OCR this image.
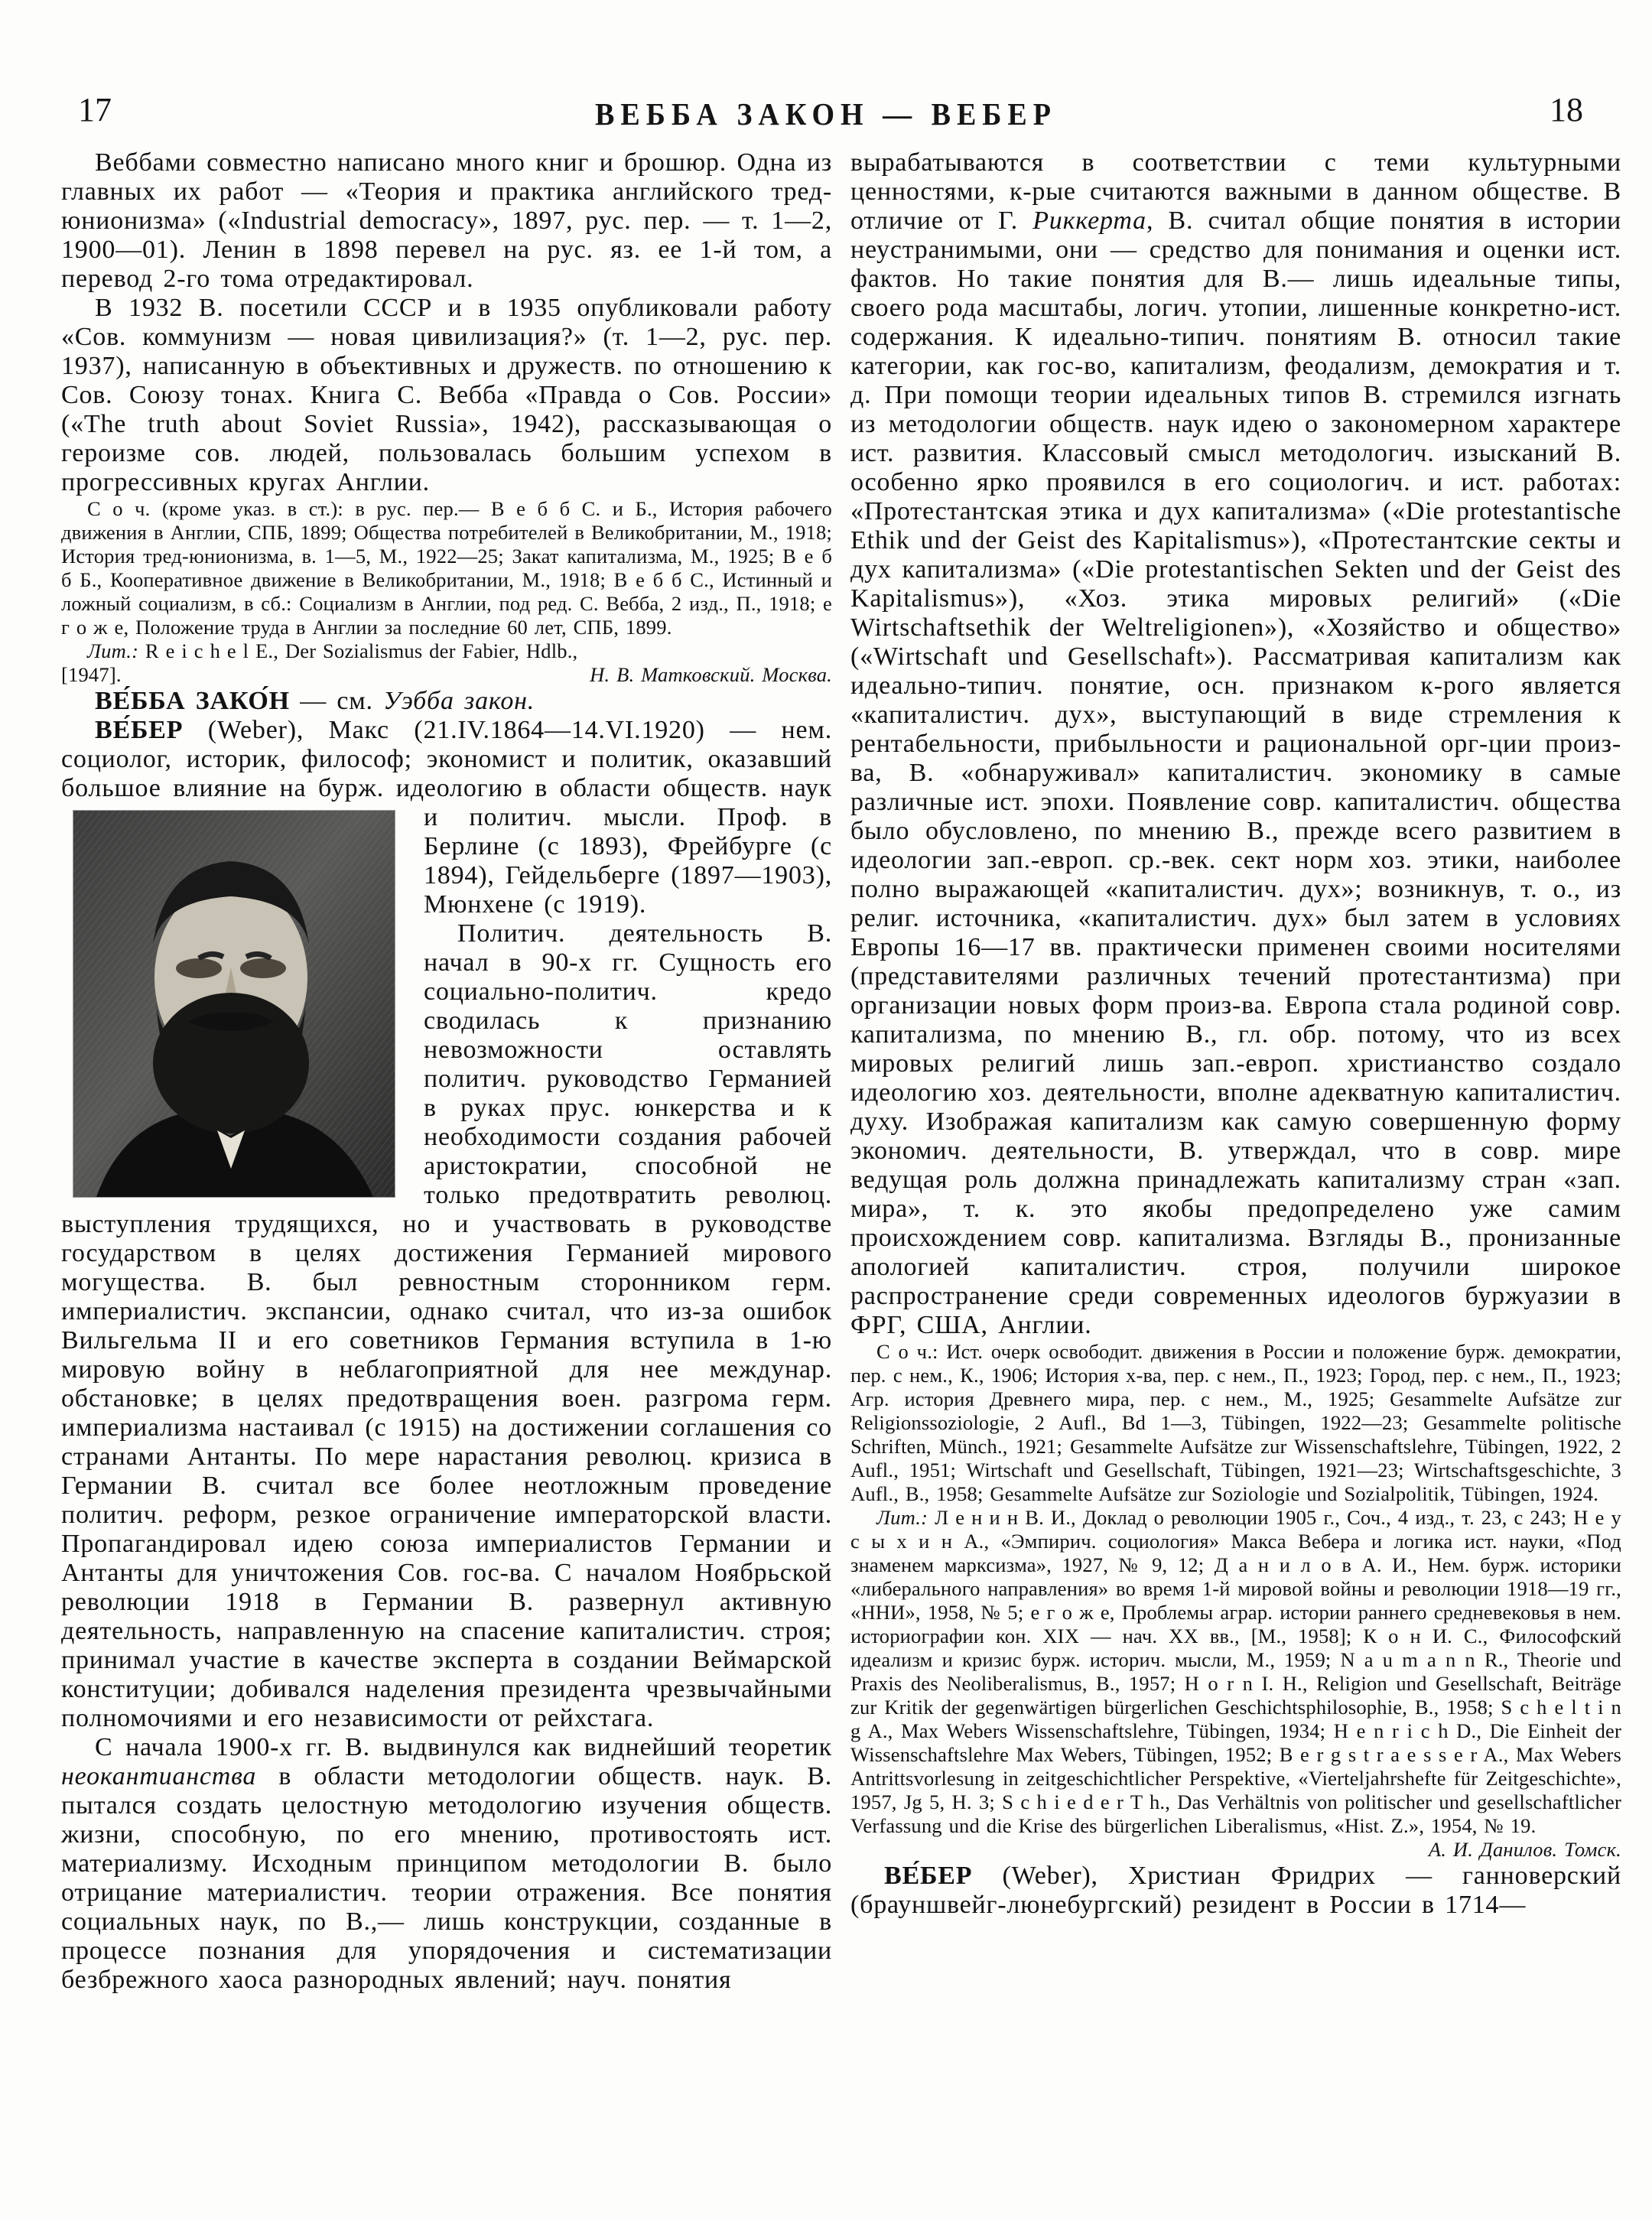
17	ВЕББА ЗАКОН — ВЕБЕР	18

Веббами совместно написано много книг и брошюр. Одна из главных их работ — «Теория и практика английского тред-юнионизма» («Industrial democracy», 1897, рус. пер. — т. 1—2, 1900—01). Ленин в 1898 перевел на рус. яз. ее 1-й том, а перевод 2-го тома отредактировал.

В 1932 В. посетили СССР и в 1935 опубликовали работу «Сов. коммунизм — новая цивилизация?» (т. 1—2, рус. пер. 1937), написанную в объективных и дружеств. по отношению к Сов. Союзу тонах. Книга С. Вебба «Правда о Сов. России» («The truth about Soviet Russia», 1942), рассказывающая о героизме сов. людей, пользовалась большим успехом в прогрессивных кругах Англии.

С о ч. (кроме указ. в ст.): в рус. пер.— В е б б С. и Б., История рабочего движения в Англии, СПБ, 1899; Общества потребителей в Великобритании, М., 1918; История тред-юнионизма, в. 1—5, М., 1922—25; Закат капитализма, М., 1925; В е б б Б., Кооперативное движение в Великобритании, М., 1918; В е б б С., Истинный и ложный социализм, в сб.: Социализм в Англии, под ред. С. Вебба, 2 изд., П., 1918; е г о ж е, Положение труда в Англии за последние 60 лет, СПБ, 1899.

Лит.: R e i c h e l E., Der Sozialismus der Fabier, Hdlb.,

[1947].	Н. В. Матковский. Москва.

ВЕ́ББА ЗАКО́Н — см. Уэбба закон.

ВЕ́БЕР (Weber), Макс (21.IV.1864—14.VI.1920) — нем. социолог, историк, философ; экономист и политик, оказавший большое влияние на бурж. идеологию в области обществ. наук и политич. мысли. Проф.
в Берлине (с 1893), Фрейбурге (с 1894), Гейдельберге (1897—1903), Мюнхене (с 1919).

Политич. деятельность В. начал в 90-х гг. Сущность его социально-политич. кредо сводилась к признанию невозможности оставлять политич. руководство Германией в руках прус. юнкерства и к необходимости создания рабочей аристократии, способной не только предотвратить революц. выступления трудящихся, но и участвовать в руководстве государством в целях достижения Германией мирового могущества. В. был ревностным сторонником герм. империалистич. экспансии, однако считал, что из-за ошибок Вильгельма II и его советников Германия вступила в 1-ю мировую войну в неблагоприятной для нее междунар. обстановке; в целях предотвращения воен. разгрома герм. империализма настаивал (с 1915) на достижении соглашения со странами Антанты. По мере нарастания революц. кризиса в Германии В. считал все более неотложным проведение политич. реформ, резкое ограничение императорской власти. Пропагандировал идею союза империалистов Германии и Антанты для уничтожения Сов. гос-ва. С началом Ноябрьской революции 1918 в Германии В. развернул активную деятельность, направленную на спасение капиталистич. строя; принимал участие в качестве эксперта в создании Веймарской конституции; добивался наделения президента чрезвычайными полномочиями и его независимости от рейхстага.

С начала 1900-х гг. В. выдвинулся как виднейший теоретик неокантианства в области методологии обществ. наук. В. пытался создать целостную методологию изучения обществ. жизни, способную, по его мнению, противостоять ист. материализму. Исходным принципом методологии В. было отрицание материалистич. теории отражения. Все понятия социальных наук, по В.,— лишь конструкции, созданные в процессе познания для упорядочения и систематизации безбрежного хаоса разнородных явлений; науч. понятия

вырабатываются в соответствии с теми культурными ценностями, к-рые считаются важными в данном обществе. В отличие от Г. Риккерта, В. считал общие понятия в истории неустранимыми, они — средство для понимания и оценки ист. фактов. Но такие понятия для В.— лишь идеальные типы, своего рода масштабы, логич. утопии, лишенные конкретно-ист. содержания. К идеально-типич. понятиям В. относил такие категории, как гос-во, капитализм, феодализм, демократия и т. д. При помощи теории идеальных типов В. стремился изгнать из методологии обществ. наук идею о закономерном характере ист. развития. Классовый смысл методологич. изысканий В. особенно ярко проявился в его социологич. и ист. работах: «Протестантская этика и дух капитализма» («Die protestantische Ethik und der Geist des Kapitalismus»), «Протестантские секты и дух капитализма» («Die protestantischen Sekten und der Geist des Kapitalismus»), «Хоз. этика мировых религий» («Die Wirtschaftsethik der Weltreligionen»), «Хозяйство и общество» («Wirtschaft und Gesellschaft»). Рассматривая капитализм как идеально-типич. понятие, осн. признаком к-рого является «капиталистич. дух», выступающий в виде стремления к рентабельности, прибыльности и рациональной орг-ции произ-ва, В. «обнаруживал» капиталистич. экономику в самые различные ист. эпохи. Появление совр. капиталистич. общества было обусловлено, по мнению В., прежде всего развитием в идеологии зап.-европ. ср.-век. сект норм хоз. этики, наиболее полно выражающей «капиталистич. дух»; возникнув, т. о., из религ. источника, «капиталистич. дух» был затем в условиях Европы 16—17 вв. практически применен своими носителями (представителями различных течений протестантизма) при организации новых форм произ-ва. Европа стала родиной совр. капитализма, по мнению В., гл. обр. потому, что из всех мировых религий лишь зап.-европ. христианство создало идеологию хоз. деятельности, вполне адекватную капиталистич. духу. Изображая капитализм как самую совершенную форму экономич. деятельности, В. утверждал, что в совр. мире ведущая роль должна принадлежать капитализму стран «зап. мира», т. к. это якобы предопределено уже самим происхождением совр. капитализма. Взгляды В., пронизанные апологией капиталистич. строя, получили широкое распространение среди современных идеологов буржуазии в ФРГ, США, Англии.

С о ч.: Ист. очерк освободит. движения в России и положение бурж. демократии, пер. с нем., К., 1906; История х-ва, пер. с нем., П., 1923; Город, пер. с нем., П., 1923; Агр. история Древнего мира, пер. с нем., М., 1925; Gesammelte Aufsätze zur Religionssoziologie, 2 Aufl., Bd 1—3, Tübingen, 1922—23; Gesammelte politische Schriften, Münch., 1921; Gesammelte Aufsätze zur Wissenschaftslehre, Tübingen, 1922, 2 Aufl., 1951; Wirtschaft und Gesellschaft, Tübingen, 1921—23; Wirtschaftsgeschichte, 3 Aufl., B., 1958; Gesammelte Aufsätze zur Soziologie und Sozialpolitik, Tübingen, 1924.

Лит.: Л е н и н В. И., Доклад о революции 1905 г., Соч., 4 изд., т. 23, с 243; Н е у с ы х и н А., «Эмпирич. социология» Макса Вебера и логика ист. науки, «Под знаменем марксизма», 1927, № 9, 12; Д а н и л о в А. И., Нем. бурж. историки «либерального направления» во время 1-й мировой войны и революции 1918—19 гг., «ННИ», 1958, № 5; е г о ж е, Проблемы аграр. истории раннего средневековья в нем. историографии кон. XIX — нач. XX вв., [М., 1958]; К о н И. С., Философский идеализм и кризис бурж. историч. мысли, М., 1959; N a u m a n n R., Theorie und Praxis des Neoliberalismus, B., 1957; H o r n I. H., Religion und Gesellschaft, Beiträge zur Kritik der gegenwärtigen bürgerlichen Geschichtsphilosophie, B., 1958; S c h e l t i n g A., Max Webers Wissenschaftslehre, Tübingen, 1934; H e n r i c h D., Die Einheit der Wissenschaftslehre Max Webers, Tübingen, 1952; B e r g s t r a e s s e r A., Max Webers Antrittsvorlesung in zeitgeschichtlicher Perspektive, «Vierteljahrshefte für Zeitgeschichte», 1957, Jg 5, H. 3; S c h i e d e r T h., Das Verhältnis von politischer und gesellschaftlicher Verfassung und die Krise des bürgerlichen Liberalismus, «Hist. Z.», 1954, № 19.

А. И. Данилов. Томск.

ВЕ́БЕР (Weber), Христиан Фридрих — ганноверский (брауншвейг-люнебургский) резидент в России в 1714—
